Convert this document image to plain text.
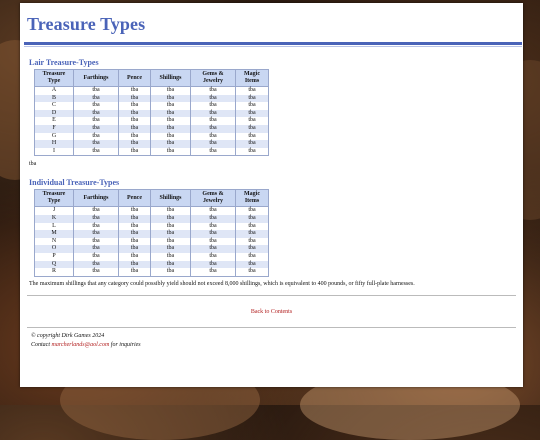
Treasure Types
Lair Treasure-Types
Treasure Type	Farthings	Pence	Shillings	Gems & Jewelry	Magic Items
A	tba	tba	tba	tba	tba
B	tba	tba	tba	tba	tba
C	tba	tba	tba	tba	tba
D	tba	tba	tba	tba	tba
E	tba	tba	tba	tba	tba
F	tba	tba	tba	tba	tba
G	tba	tba	tba	tba	tba
H	tba	tba	tba	tba	tba
I	tba	tba	tba	tba	tba
tba
Individual Treasure-Types
Treasure Type	Farthings	Pence	Shillings	Gems & Jewelry	Magic Items
J	tba	tba	tba	tba	tba
K	tba	tba	tba	tba	tba
L	tba	tba	tba	tba	tba
M	tba	tba	tba	tba	tba
N	tba	tba	tba	tba	tba
O	tba	tba	tba	tba	tba
P	tba	tba	tba	tba	tba
Q	tba	tba	tba	tba	tba
R	tba	tba	tba	tba	tba
The maximum shillings that any category could possibly yield should not exceed 8,000 shillings, which is equivalent to 400 pounds, or fifty full-plate harnesses.
Back to Contents
© copyright Dirk Games 2024
Contact marcherlands@aol.com for inquiries
